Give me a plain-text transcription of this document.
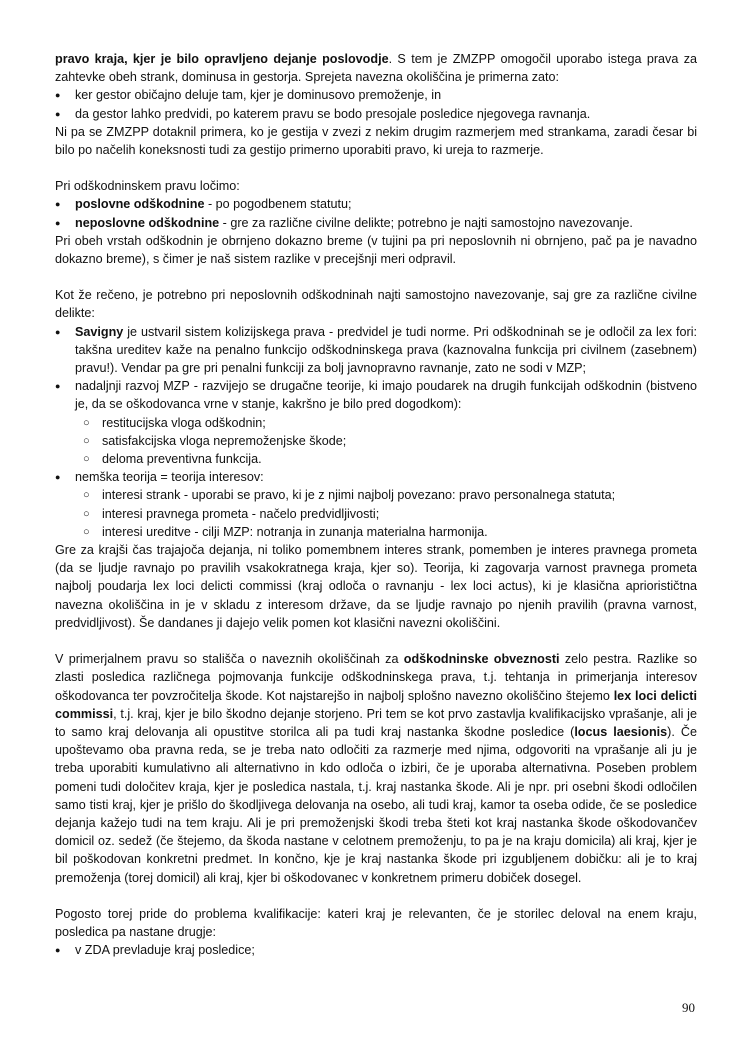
pravo kraja, kjer je bilo opravljeno dejanje poslovodje. S tem je ZMZPP omogočil uporabo istega prava za zahtevke obeh strank, dominusa in gestorja. Sprejeta navezna okoliščina je primerna zato:

● ker gestor običajno deluje tam, kjer je dominusovo premoženje, in
● da gestor lahko predvidi, po katerem pravu se bodo presojale posledice njegovega ravnanja.

Ni pa se ZMZPP dotaknil primera, ko je gestija v zvezi z nekim drugim razmerjem med strankama, zaradi česar bi bilo po načelih koneksnosti tudi za gestijo primerno uporabiti pravo, ki ureja to razmerje.

Pri odškodninskem pravu ločimo:

● poslovne odškodnine - po pogodbenem statutu;
● neposlovne odškodnine - gre za različne civilne delikte; potrebno je najti samostojno navezovanje.

Pri obeh vrstah odškodnin je obrnjeno dokazno breme (v tujini pa pri neposlovnih ni obrnjeno, pač pa je navadno dokazno breme), s čimer je naš sistem razlike v precejšnji meri odpravil.

Kot že rečeno, je potrebno pri neposlovnih odškodninah najti samostojno navezovanje, saj gre za različne civilne delikte:

● Savigny je ustvaril sistem kolizijskega prava - predvidel je tudi norme. Pri odškodninah se je odločil za lex fori: takšna ureditev kaže na penalno funkcijo odškodninskega prava (kaznovalna funkcija pri civilnem (zasebnem) pravu!). Vendar pa gre pri penalni funkciji za bolj javnopravno ravnanje, zato ne sodi v MZP;
● nadaljnji razvoj MZP - razvijejo se drugačne teorije, ki imajo poudarek na drugih funkcijah odškodnin (bistveno je, da se oškodovanca vrne v stanje, kakršno je bilo pred dogodkom):
○ restitucijska vloga odškodnin;
○ satisfakcijska vloga nepremoženjske škode;
○ deloma preventivna funkcija.
● nemška teorija = teorija interesov:
○ interesi strank - uporabi se pravo, ki je z njimi najbolj povezano: pravo personalnega statuta;
○ interesi pravnega prometa - načelo predvidljivosti;
○ interesi ureditve - cilji MZP: notranja in zunanja materialna harmonija.

Gre za krajši čas trajajoča dejanja, ni toliko pomembnem interes strank, pomemben je interes pravnega prometa (da se ljudje ravnajo po pravilih vsakokratnega kraja, kjer so). Teorija, ki zagovarja varnost pravnega prometa najbolj poudarja lex loci delicti commissi (kraj odloča o ravnanju - lex loci actus), ki je klasična apriorističtna navezna okoliščina in je v skladu z interesom države, da se ljudje ravnajo po njenih pravilih (pravna varnost, predvidljivost). Še dandanes ji dajejo velik pomen kot klasični navezni okoliščini.

V primerjalnem pravu so stališča o naveznih okoliščinah za odškodninske obveznosti zelo pestra. Razlike so zlasti posledica različnega pojmovanja funkcije odškodninskega prava, t.j. tehtanja in primerjanja interesov oškodovanca ter povzročitelja škode. Kot najstarejšo in najbolj splošno navezno okoliščino štejemo lex loci delicti commissi, t.j. kraj, kjer je bilo škodno dejanje storjeno. Pri tem se kot prvo zastavlja kvalifikacijsko vprašanje, ali je to samo kraj delovanja ali opustitve storilca ali pa tudi kraj nastanka škodne posledice (locus laesionis). Če upoštevamo oba pravna reda, se je treba nato odločiti za razmerje med njima, odgovoriti na vprašanje ali ju je treba uporabiti kumulativno ali alternativno in kdo odloča o izbiri, če je uporaba alternativna. Poseben problem pomeni tudi določitev kraja, kjer je posledica nastala, t.j. kraj nastanka škode. Ali je npr. pri osebni škodi odločilen samo tisti kraj, kjer je prišlo do škodljivega delovanja na osebo, ali tudi kraj, kamor ta oseba odide, če se posledice dejanja kažejo tudi na tem kraju. Ali je pri premoženjski škodi treba šteti kot kraj nastanka škode oškodovančev domicil oz. sedež (če štejemo, da škoda nastane v celotnem premoženju, to pa je na kraju domicila) ali kraj, kjer je bil poškodovan konkretni predmet. In končno, kje je kraj nastanka škode pri izgubljenem dobičku: ali je to kraj premoženja (torej domicil) ali kraj, kjer bi oškodovanec v konkretnem primeru dobiček dosegel.

Pogosto torej pride do problema kvalifikacije: kateri kraj je relevanten, če je storilec deloval na enem kraju, posledica pa nastane drugje:

● v ZDA prevladuje kraj posledice;
90
